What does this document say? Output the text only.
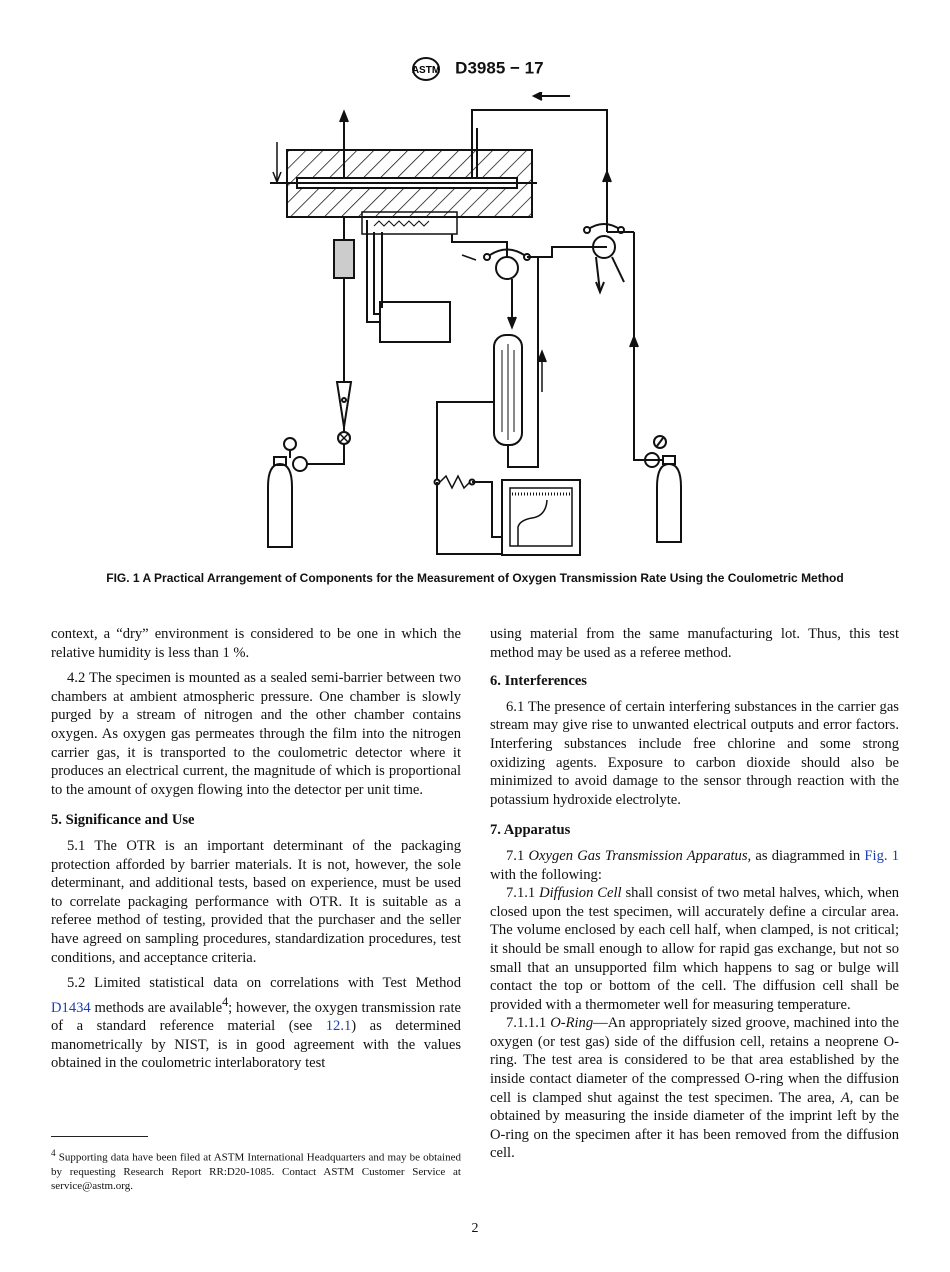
ASTM D3985 − 17
FIG. 1 A Practical Arrangement of Components for the Measurement of Oxygen Transmission Rate Using the Coulometric Method

context, a “dry” environment is considered to be one in which the relative humidity is less than 1 %.

4.2 The specimen is mounted as a sealed semi-barrier between two chambers at ambient atmospheric pressure. One chamber is slowly purged by a stream of nitrogen and the other chamber contains oxygen. As oxygen gas permeates through the film into the nitrogen carrier gas, it is transported to the coulometric detector where it produces an electrical current, the magnitude of which is proportional to the amount of oxygen flowing into the detector per unit time.

5. Significance and Use

5.1 The OTR is an important determinant of the packaging protection afforded by barrier materials. It is not, however, the sole determinant, and additional tests, based on experience, must be used to correlate packaging performance with OTR. It is suitable as a referee method of testing, provided that the purchaser and the seller have agreed on sampling procedures, standardization procedures, test conditions, and acceptance criteria.

5.2 Limited statistical data on correlations with Test Method D1434 methods are available$^4$; however, the oxygen transmission rate of a standard reference material (see 12.1) as determined manometrically by NIST, is in good agreement with the values obtained in the coulometric interlaboratory test

using material from the same manufacturing lot. Thus, this test method may be used as a referee method.

6. Interferences

6.1 The presence of certain interfering substances in the carrier gas stream may give rise to unwanted electrical outputs and error factors. Interfering substances include free chlorine and some strong oxidizing agents. Exposure to carbon dioxide should also be minimized to avoid damage to the sensor through reaction with the potassium hydroxide electrolyte.

7. Apparatus

7.1 Oxygen Gas Transmission Apparatus, as diagrammed in Fig. 1 with the following:

7.1.1 Diffusion Cell shall consist of two metal halves, which, when closed upon the test specimen, will accurately define a circular area. The volume enclosed by each cell half, when clamped, is not critical; it should be small enough to allow for rapid gas exchange, but not so small that an unsupported film which happens to sag or bulge will contact the top or bottom of the cell. The diffusion cell shall be provided with a thermometer well for measuring temperature.

7.1.1.1 O-Ring—An appropriately sized groove, machined into the oxygen (or test gas) side of the diffusion cell, retains a neoprene O-ring. The test area is considered to be that area established by the inside contact diameter of the compressed O-ring when the diffusion cell is clamped shut against the test specimen. The area, A, can be obtained by measuring the inside diameter of the imprint left by the O-ring on the specimen after it has been removed from the diffusion cell.

$^4$ Supporting data have been filed at ASTM International Headquarters and may be obtained by requesting Research Report RR:D20-1085. Contact ASTM Customer Service at service@astm.org.
2
